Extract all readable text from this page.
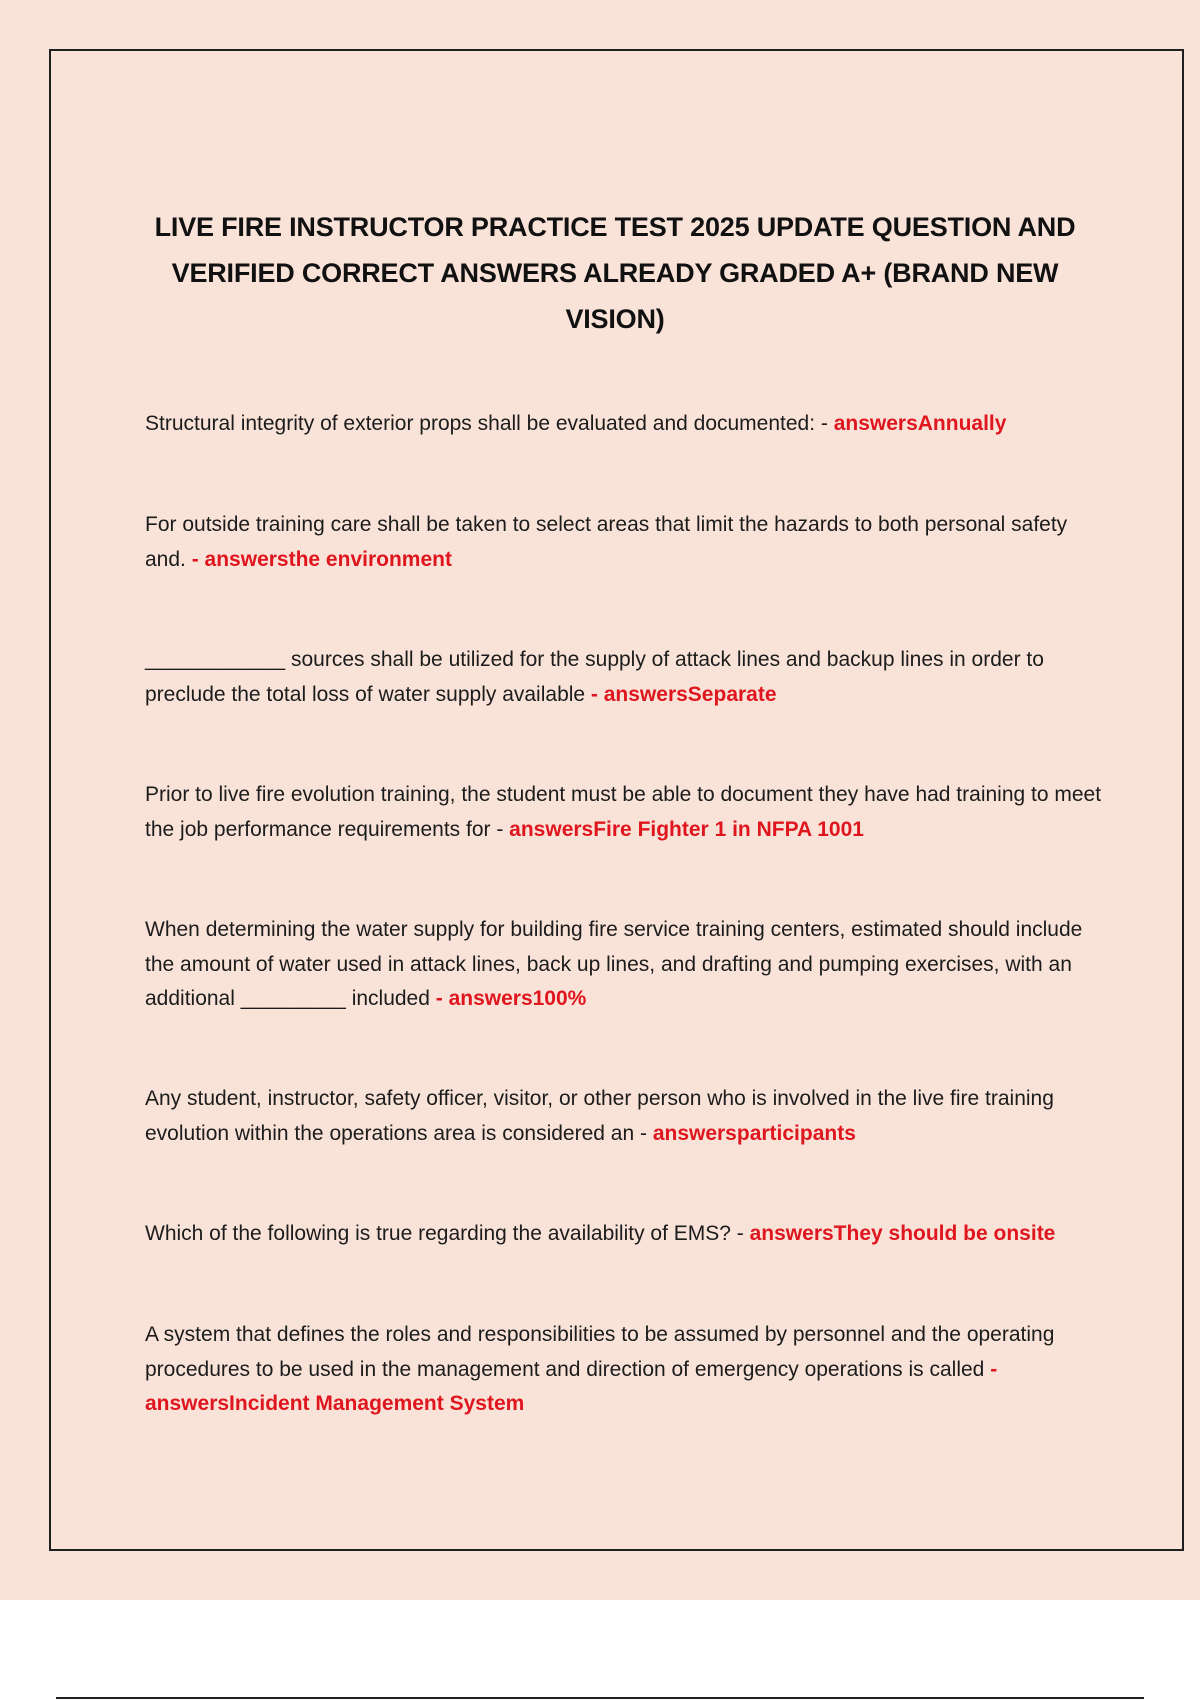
LIVE FIRE INSTRUCTOR PRACTICE TEST 2025 UPDATE QUESTION AND VERIFIED CORRECT ANSWERS ALREADY GRADED A+ (BRAND NEW VISION)

Structural integrity of exterior props shall be evaluated and documented: - answersAnnually

For outside training care shall be taken to select areas that limit the hazards to both personal safety and. - answersthe environment

____________ sources shall be utilized for the supply of attack lines and backup lines in order to preclude the total loss of water supply available - answersSeparate

Prior to live fire evolution training, the student must be able to document they have had training to meet the job performance requirements for - answersFire Fighter 1 in NFPA 1001

When determining the water supply for building fire service training centers, estimated should include the amount of water used in attack lines, back up lines, and drafting and pumping exercises, with an additional _________ included - answers100%

Any student, instructor, safety officer, visitor, or other person who is involved in the live fire training evolution within the operations area is considered an - answersparticipants

Which of the following is true regarding the availability of EMS? - answersThey should be onsite

A system that defines the roles and responsibilities to be assumed by personnel and the operating procedures to be used in the management and direction of emergency operations is called - answersIncident Management System
